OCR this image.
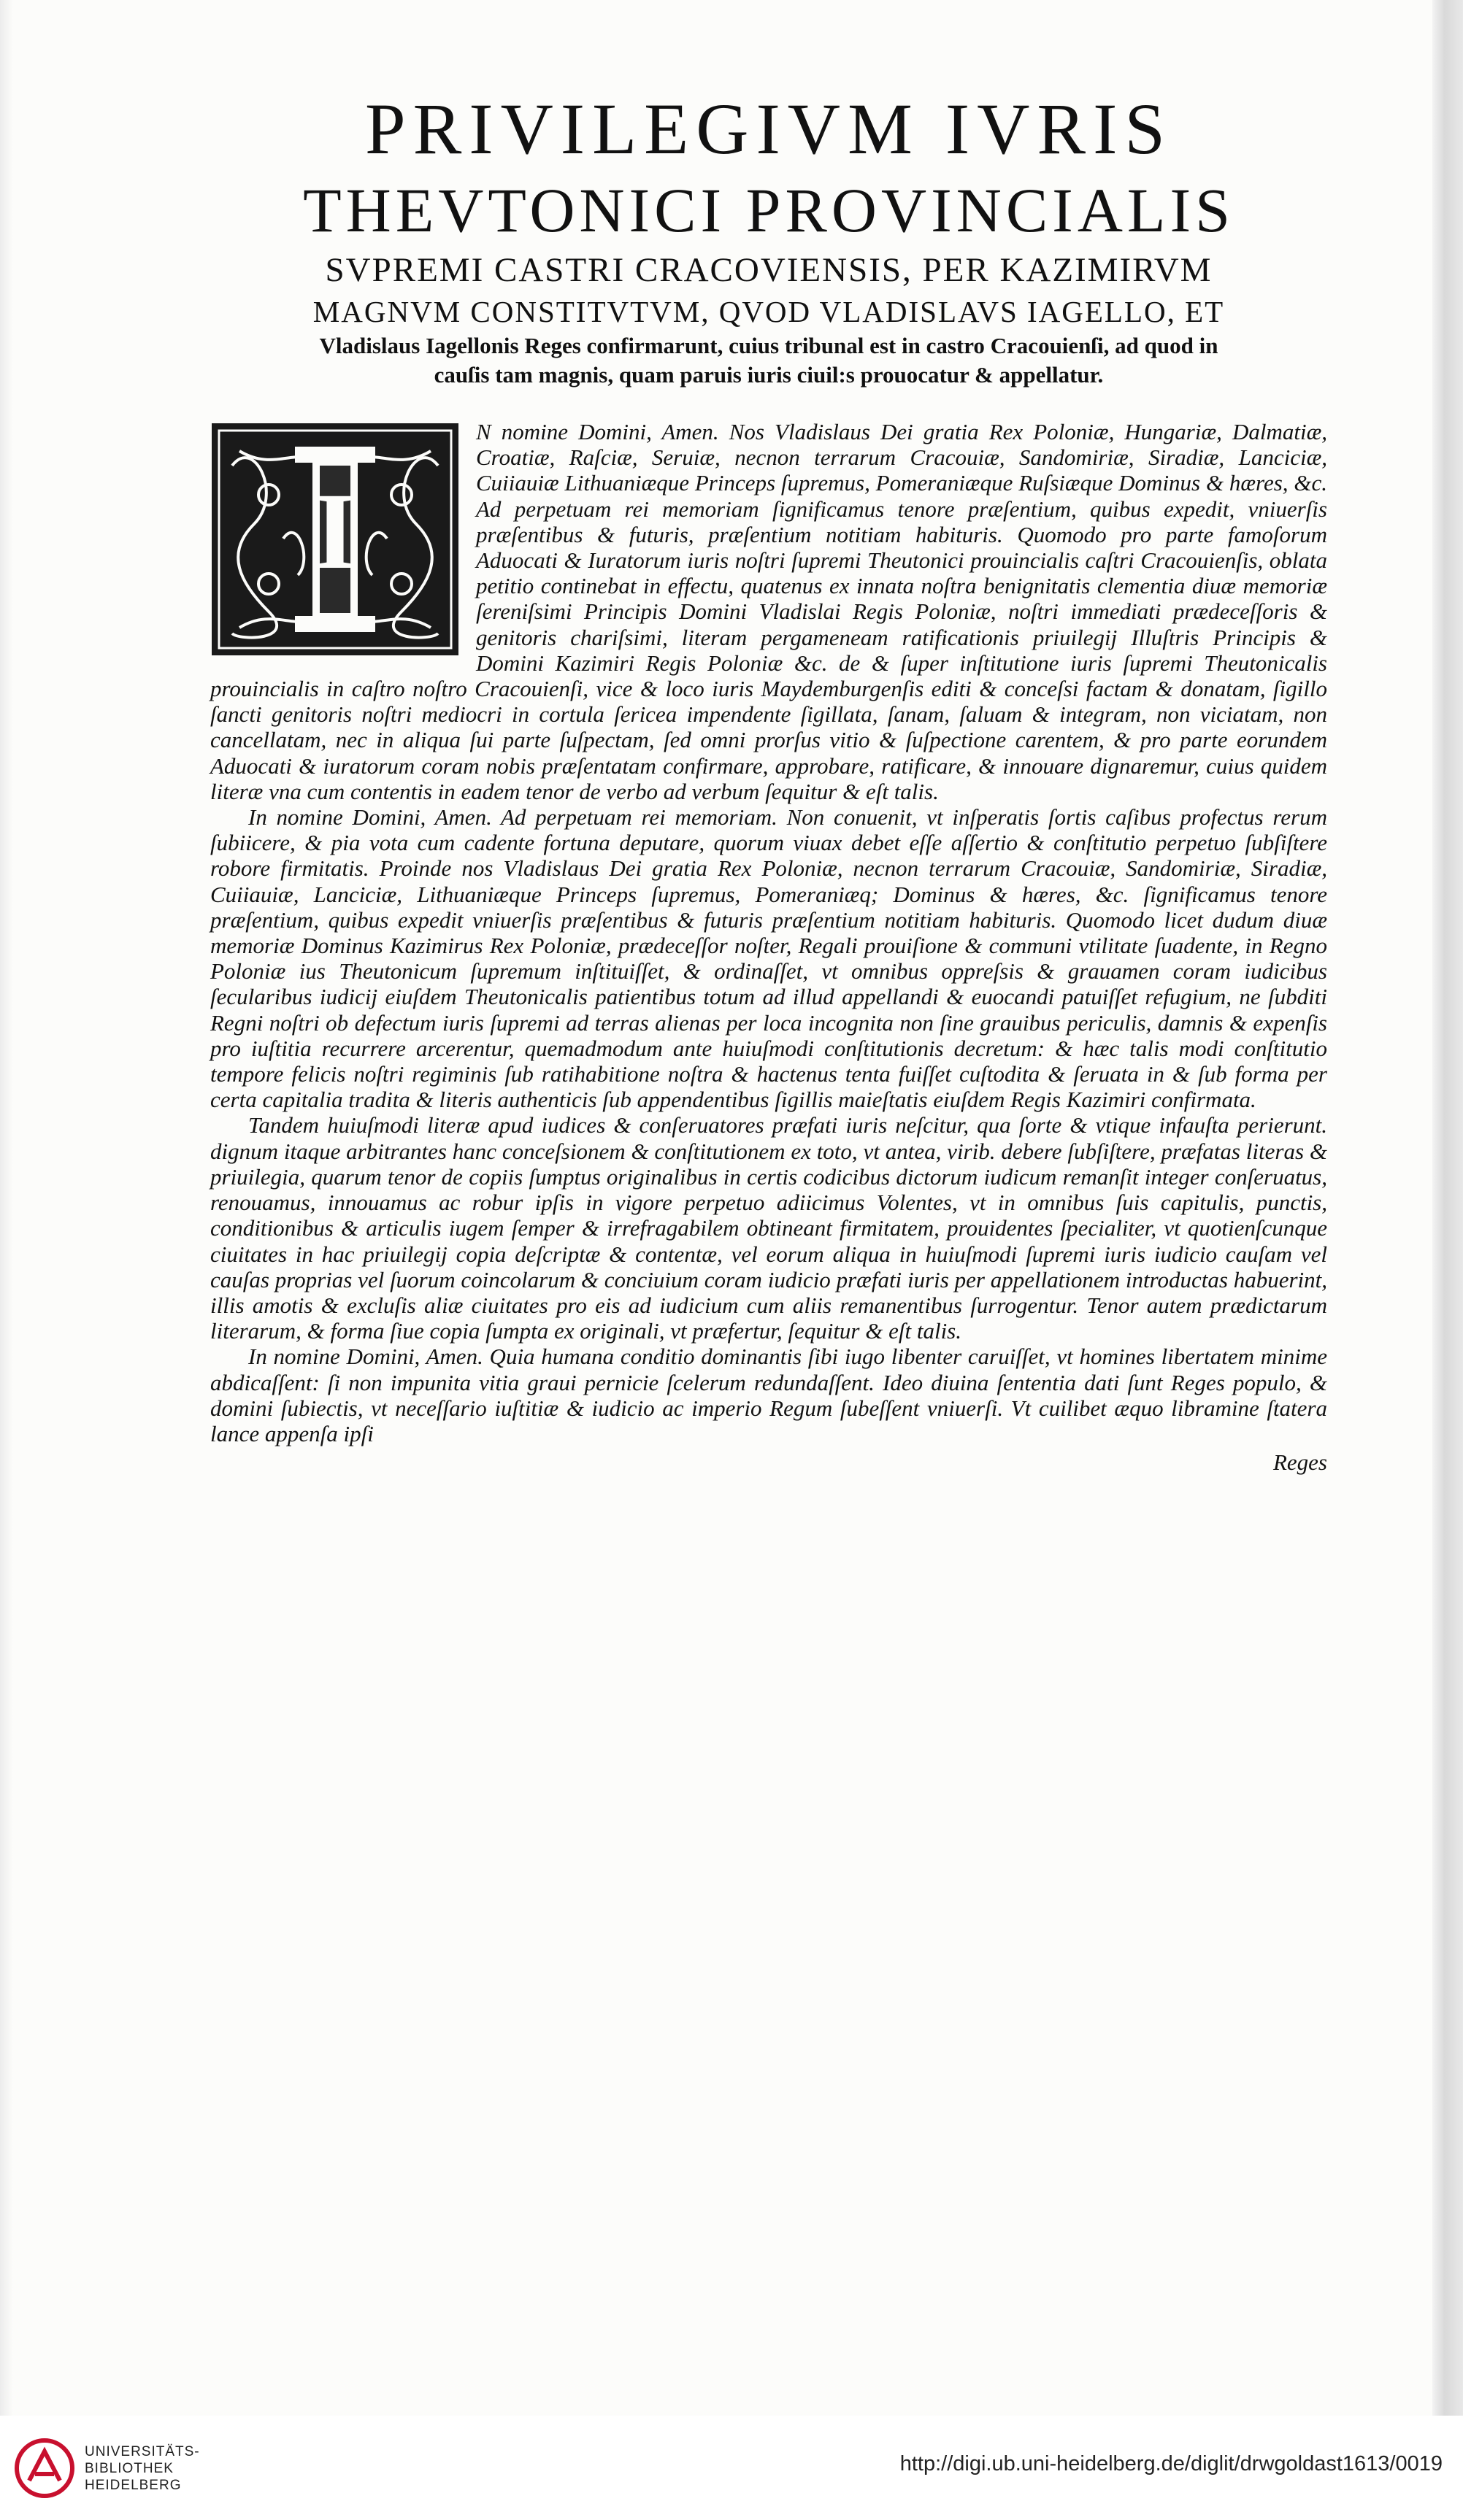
PRIVILEGIVM IVRIS
THEVTONICI PROVINCIALIS
SVPREMI CASTRI CRACOVIENSIS, PER KAZIMIRVM
MAGNVM CONSTITVTVM, QVOD VLADISLAVS IAGELLO, ET

Vladislaus Iagellonis Reges confirmarunt, cuius tribunal est in castro Cracouienſi, ad quod in cauſis tam magnis, quam paruis iuris ciuil:s prouocatur & appellatur.

I

N nomine Domini, Amen. Nos Vladislaus Dei gratia Rex Poloniæ, Hungariæ, Dalmatiæ, Croatiæ, Raſciæ, Seruiæ, necnon terrarum Cracouiæ, Sandomiriæ, Siradiæ, Lanciciæ, Cuiiauiæ Lithuaniæque Princeps ſupremus, Pomeraniæque Ruſsiæque Dominus & hæres, &c. Ad perpetuam rei memoriam ſignificamus tenore præſentium, quibus expedit, vniuerſis præſentibus & futuris, præſentium notitiam habituris. Quomodo pro parte famoſorum Aduocati & Iuratorum iuris noſtri ſupremi Theutonici prouincialis caſtri Cracouienſis, oblata petitio continebat in effectu, quatenus ex innata noſtra benignitatis clementia diuæ memoriæ ſereniſsimi Principis Domini Vladislai Regis Poloniæ, noſtri immediati prædeceſſoris & genitoris chariſsimi, literam pergameneam ratificationis priuilegij Illuſtris Principis & Domini Kazimiri Regis Poloniæ &c. de & ſuper inſtitutione iuris ſupremi Theutonicalis prouincialis in caſtro noſtro Cracouienſi, vice & loco iuris Maydemburgenſis editi & conceſsi factam & donatam, ſigillo ſancti genitoris noſtri mediocri in cortula ſericea impendente ſigillata, ſanam, ſaluam & integram, non viciatam, non cancellatam, nec in aliqua ſui parte ſuſpectam, ſed omni prorſus vitio & ſuſpectione carentem, & pro parte eorundem Aduocati & iuratorum coram nobis præſentatam confirmare, approbare, ratificare, & innouare dignaremur, cuius quidem literæ vna cum contentis in eadem tenor de verbo ad verbum ſequitur & eſt talis.

In nomine Domini, Amen. Ad perpetuam rei memoriam. Non conuenit, vt inſperatis ſortis caſibus profectus rerum ſubiicere, & pia vota cum cadente fortuna deputare, quorum viuax debet eſſe aſſertio & conſtitutio perpetuo ſubſiſtere robore firmitatis. Proinde nos Vladislaus Dei gratia Rex Poloniæ, necnon terrarum Cracouiæ, Sandomiriæ, Siradiæ, Cuiiauiæ, Lanciciæ, Lithuaniæque Princeps ſupremus, Pomeraniæq; Dominus & hæres, &c. ſignificamus tenore præſentium, quibus expedit vniuerſis præſentibus & futuris præſentium notitiam habituris. Quomodo licet dudum diuæ memoriæ Dominus Kazimirus Rex Poloniæ, prædeceſſor noſter, Regali prouiſione & communi vtilitate ſuadente, in Regno Poloniæ ius Theutonicum ſupremum inſtituiſſet, & ordinaſſet, vt omnibus oppreſsis & grauamen coram iudicibus ſecularibus iudicij eiuſdem Theutonicalis patientibus totum ad illud appellandi & euocandi patuiſſet refugium, ne ſubditi Regni noſtri ob defectum iuris ſupremi ad terras alienas per loca incognita non ſine grauibus periculis, damnis & expenſis pro iuſtitia recurrere arcerentur, quemadmodum ante huiuſmodi conſtitutionis decretum: & hæc talis modi conſtitutio tempore felicis noſtri regiminis ſub ratihabitione noſtra & hactenus tenta fuiſſet cuſtodita & ſeruata in & ſub forma per certa capitalia tradita & literis authenticis ſub appendentibus ſigillis maieſtatis eiuſdem Regis Kazimiri confirmata.

Tandem huiuſmodi literæ apud iudices & conſeruatores præfati iuris neſcitur, qua ſorte & vtique infauſta perierunt. dignum itaque arbitrantes hanc conceſsionem & conſtitutionem ex toto, vt antea, virib. debere ſubſiſtere, præfatas literas & priuilegia, quarum tenor de copiis ſumptus originalibus in certis codicibus dictorum iudicum remanſit integer conſeruatus, renouamus, innouamus ac robur ipſis in vigore perpetuo adiicimus Volentes, vt in omnibus ſuis capitulis, punctis, conditionibus & articulis iugem ſemper & irrefragabilem obtineant firmitatem, prouidentes ſpecialiter, vt quotienſcunque ciuitates in hac priuilegij copia deſcriptæ & contentæ, vel eorum aliqua in huiuſmodi ſupremi iuris iudicio cauſam vel cauſas proprias vel ſuorum coincolarum & conciuium coram iudicio præfati iuris per appellationem introductas habuerint, illis amotis & excluſis aliæ ciuitates pro eis ad iudicium cum aliis remanentibus ſurrogentur. Tenor autem prædictarum literarum, & forma ſiue copia ſumpta ex originali, vt præfertur, ſequitur & eſt talis.

In nomine Domini, Amen. Quia humana conditio dominantis ſibi iugo libenter caruiſſet, vt homines libertatem minime abdicaſſent: ſi non impunita vitia graui pernicie ſcelerum redundaſſent. Ideo diuina ſententia dati ſunt Reges populo, & domini ſubiectis, vt neceſſario iuſtitiæ & iudicio ac imperio Regum ſubeſſent vniuerſi. Vt cuilibet æquo libramine ſtatera lance appenſa ipſi

Reges

UNIVERSITÄTS-
BIBLIOTHEK
HEIDELBERG
http://digi.ub.uni-heidelberg.de/diglit/drwgoldast1613/0019
